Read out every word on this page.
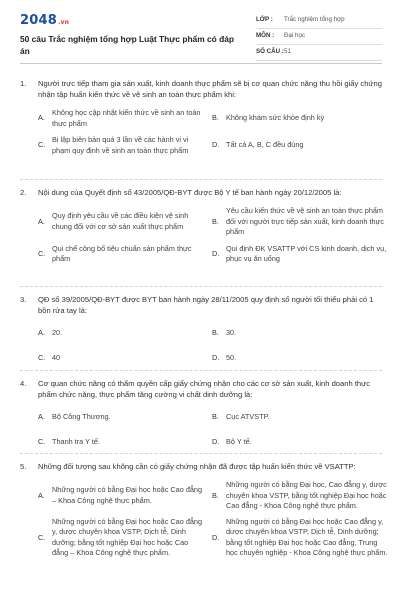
2048.vn
50 câu Trắc nghiệm tổng hợp Luật Thực phẩm có đáp án
LỚP :	Trắc nghiệm tổng hợp
MÔN :	Đại học
SỐ CÂU : 51
1.	Người trực tiếp tham gia sản xuất, kinh doanh thực phẩm sẽ bị cơ quan chức năng thu hồi giấy chứng nhận tập huấn kiến thức về vệ sinh an toàn thực phẩm khi:
A.
Không học cập nhật kiến thức về sinh an toàn thực phẩm
B. Không khám sức khỏe định kỳ
C.
Bị lập biên bản quá 3 lần về các hành vi vi phạm quy định về sinh an toàn thực phẩm
D. Tất cả A, B, C đều đúng
2.	Nội dung của Quyết định số 43/2005/QĐ-BYT được Bộ Y tế ban hành ngày 20/12/2005 là:
A.
Quy định yêu cầu về các điều kiện vệ sinh chung đối với cơ sở sản xuất thực phẩm
B.
Yêu cầu kiến thức về vệ sinh an toàn thực phẩm đối với người trực tiếp sản xuất, kinh doanh thực phẩm
C.
Qui chế công bố tiêu chuẩn sản phẩm thực phẩm
D.
Qui định ĐK VSATTP với CS kinh doanh, dịch vụ, phục vụ ăn uống
3.	QĐ số 39/2005/QĐ-BYT được BYT ban hành ngày 28/11/2005 quy định số người tối thiểu phải có 1 bồn rửa tay là:
A. 20.	B. 30.
C. 40	D. 50.
4.	Cơ quan chức năng có thẩm quyền cấp giấy chứng nhận cho các cơ sở sản xuất, kinh doanh thực phẩm chức năng, thực phẩm tăng cường vi chất dinh dưỡng là:
A. Bộ Công Thương.	B. Cục ATVSTP.
C. Thanh tra Y tế.	D. Bộ Y tế.
5.	Những đối tượng sau không cần có giấy chứng nhận đã được tập huấn kiến thức về VSATTP:
A.
Những người có bằng Đại học hoặc Cao đẳng – Khoa Công nghệ thực phẩm.
B.
Những người có bằng Đại học, Cao đẳng y, dược chuyên khoa VSTP, bằng tốt nghiệp Đại học hoặc Cao đẳng - Khoa Công nghệ thực phẩm.
C.
Những người có bằng Đại học hoặc Cao đẳng y, dược chuyên khoa VSTP, Dịch tễ, Dinh dưỡng; bằng tốt nghiệp Đại học hoặc Cao đẳng – Khoa Công nghệ thực phẩm.
D.
Những người có bằng Đại học hoặc Cao đẳng y, dược chuyên khoa VSTP, Dịch tễ, Dinh dưỡng; bằng tốt nghiệp Đại học hoặc Cao đẳng, Trung học chuyên nghiệp - Khoa Công nghệ thực phẩm.
